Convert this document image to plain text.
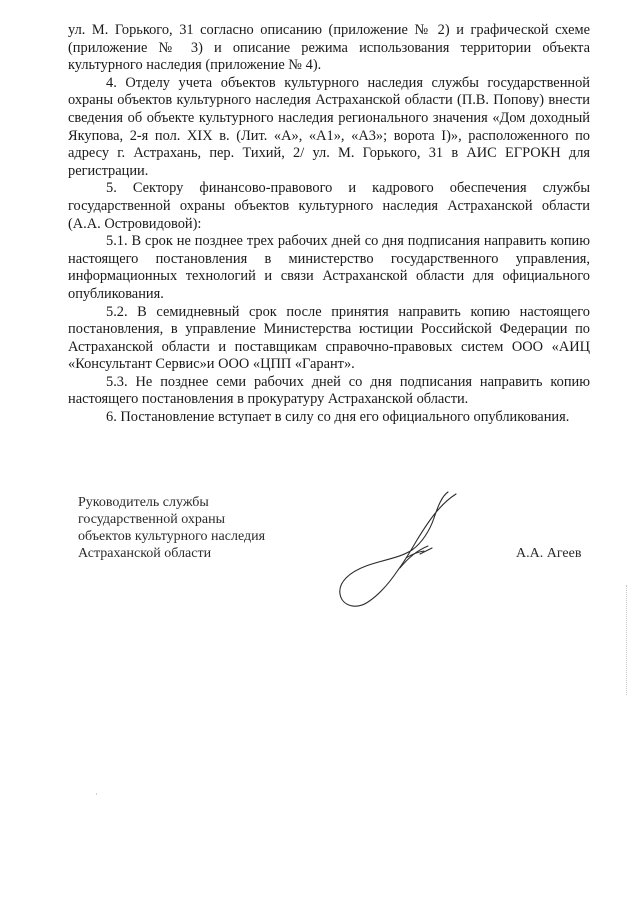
ул. М. Горького, 31 согласно описанию (приложение № 2) и графической схеме (приложение № 3) и описание режима использования территории объекта культурного наследия (приложение № 4).

4. Отделу учета объектов культурного наследия службы государственной охраны объектов культурного наследия Астраханской области (П.В. Попову) внести сведения об объекте культурного наследия регионального значения «Дом доходный Якупова, 2-я пол. XIX в. (Лит. «А», «А1», «А3»; ворота I)», расположенного по адресу г. Астрахань, пер. Тихий, 2/ ул. М. Горького, 31 в АИС ЕГРОКН для регистрации.

5. Сектору финансово-правового и кадрового обеспечения службы государственной охраны объектов культурного наследия Астраханской области (А.А. Островидовой):

5.1. В срок не позднее трех рабочих дней со дня подписания направить копию настоящего постановления в министерство государственного управления, информационных технологий и связи Астраханской области для официального опубликования.

5.2. В семидневный срок после принятия направить копию настоящего постановления, в управление Министерства юстиции Российской Федерации по Астраханской области и поставщикам справочно-правовых систем ООО «АИЦ «Консультант Сервис»и ООО «ЦПП «Гарант».

5.3. Не позднее семи рабочих дней со дня подписания направить копию настоящего постановления в прокуратуру Астраханской области.

6. Постановление вступает в силу со дня его официального опубликования.

Руководитель службы
государственной охраны
объектов культурного наследия
Астраханской области	А.А. Агеев
